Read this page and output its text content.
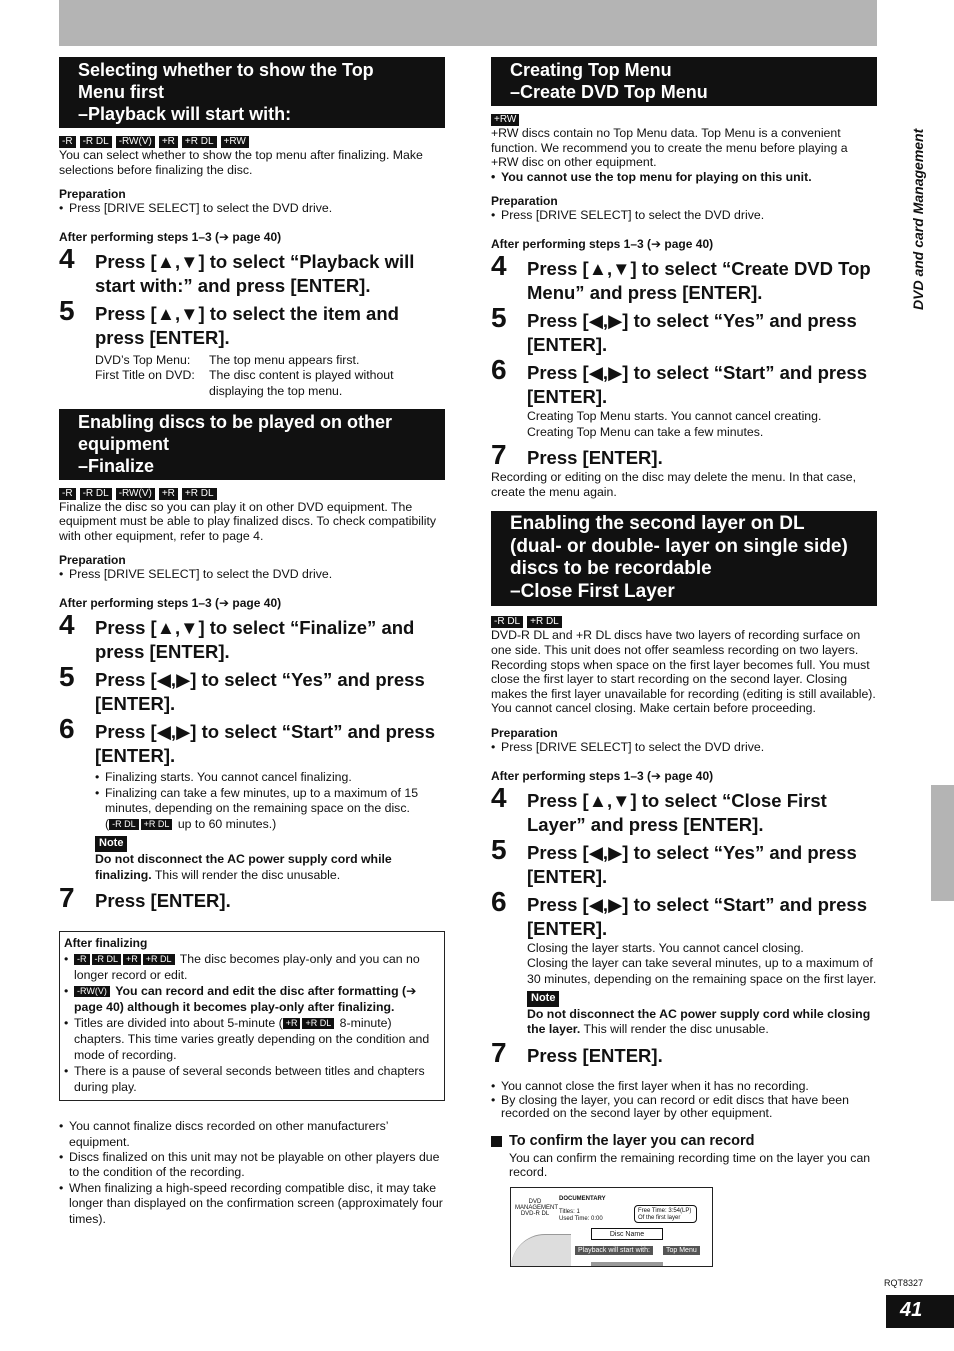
DVD and card Management
RQT8327
41
Selecting whether to show the Top
Menu first
–Playback will start with:
-R	-R DL	-RW(V)	+R	+R DL	+RW
You can select whether to show the top menu after finalizing. Make selections before finalizing the disc.
Preparation
• Press [DRIVE SELECT] to select the DVD drive.
After performing steps 1–3 (➔ page 40)
4 Press [▲,▼] to select “Playback will start with:” and press [ENTER].
5 Press [▲,▼] to select the item and press [ENTER].
DVD’s Top Menu:	The top menu appears first.
First Title on DVD:	The disc content is played without displaying the top menu.
Enabling discs to be played on other
equipment
–Finalize
-R	-R DL	-RW(V)	+R	+R DL
Finalize the disc so you can play it on other DVD equipment. The equipment must be able to play finalized discs. To check compatibility with other equipment, refer to page 4.
Preparation
• Press [DRIVE SELECT] to select the DVD drive.
After performing steps 1–3 (➔ page 40)
4 Press [▲,▼] to select “Finalize” and press [ENTER].
5 Press [◀,▶] to select “Yes” and press [ENTER].
6 Press [◀,▶] to select “Start” and press [ENTER].
• Finalizing starts. You cannot cancel finalizing.
• Finalizing can take a few minutes, up to a maximum of 15 minutes, depending on the remaining space on the disc.
( -R DL +R DL up to 60 minutes.)
Note
Do not disconnect the AC power supply cord while finalizing. This will render the disc unusable.
7 Press [ENTER].
After finalizing
• -R -R DL +R +R DL The disc becomes play-only and you can no longer record or edit.
• -RW(V) You can record and edit the disc after formatting (➔ page 40) although it becomes play-only after finalizing.
• Titles are divided into about 5-minute ( +R +R DL 8-minute) chapters. This time varies greatly depending on the condition and mode of recording.
• There is a pause of several seconds between titles and chapters during play.
• You cannot finalize discs recorded on other manufacturers’ equipment.
• Discs finalized on this unit may not be playable on other players due to the condition of the recording.
• When finalizing a high-speed recording compatible disc, it may take longer than displayed on the confirmation screen (approximately four times).
Creating Top Menu
–Create DVD Top Menu
+RW
+RW discs contain no Top Menu data. Top Menu is a convenient function. We recommend you to create the menu before playing a +RW disc on other equipment.
• You cannot use the top menu for playing on this unit.
Preparation
• Press [DRIVE SELECT] to select the DVD drive.
After performing steps 1–3 (➔ page 40)
4 Press [▲,▼] to select “Create DVD Top Menu” and press [ENTER].
5 Press [◀,▶] to select “Yes” and press [ENTER].
6 Press [◀,▶] to select “Start” and press [ENTER].
Creating Top Menu starts. You cannot cancel creating.
Creating Top Menu can take a few minutes.
7 Press [ENTER].
Recording or editing on the disc may delete the menu. In that case, create the menu again.
Enabling the second layer on DL
(dual- or double- layer on single side)
discs to be recordable
–Close First Layer
-R DL	+R DL
DVD-R DL and +R DL discs have two layers of recording surface on one side. This unit does not offer seamless recording on two layers. Recording stops when space on the first layer becomes full. You must close the first layer to start recording on the second layer. Closing makes the first layer unavailable for recording (editing is still available). You cannot cancel closing. Make certain before proceeding.
Preparation
• Press [DRIVE SELECT] to select the DVD drive.
After performing steps 1–3 (➔ page 40)
4 Press [▲,▼] to select “Close First Layer” and press [ENTER].
5 Press [◀,▶] to select “Yes” and press [ENTER].
6 Press [◀,▶] to select “Start” and press [ENTER].
Closing the layer starts. You cannot cancel closing.
Closing the layer can take several minutes, up to a maximum of 30 minutes, depending on the remaining space on the first layer.
Note
Do not disconnect the AC power supply cord while closing the layer. This will render the disc unusable.
7 Press [ENTER].
• You cannot close the first layer when it has no recording.
• By closing the layer, you can record or edit discs that have been recorded on the second layer by other equipment.
To confirm the layer you can record
You can confirm the remaining recording time on the layer you can record.
DVD MANAGEMENT
DVD-R DL
DOCUMENTARY
Titles: 1
Used Time: 0:00
Free Time: 3:54(LP)
Of the first layer
Disc Name
Playback will start with:	Top Menu
